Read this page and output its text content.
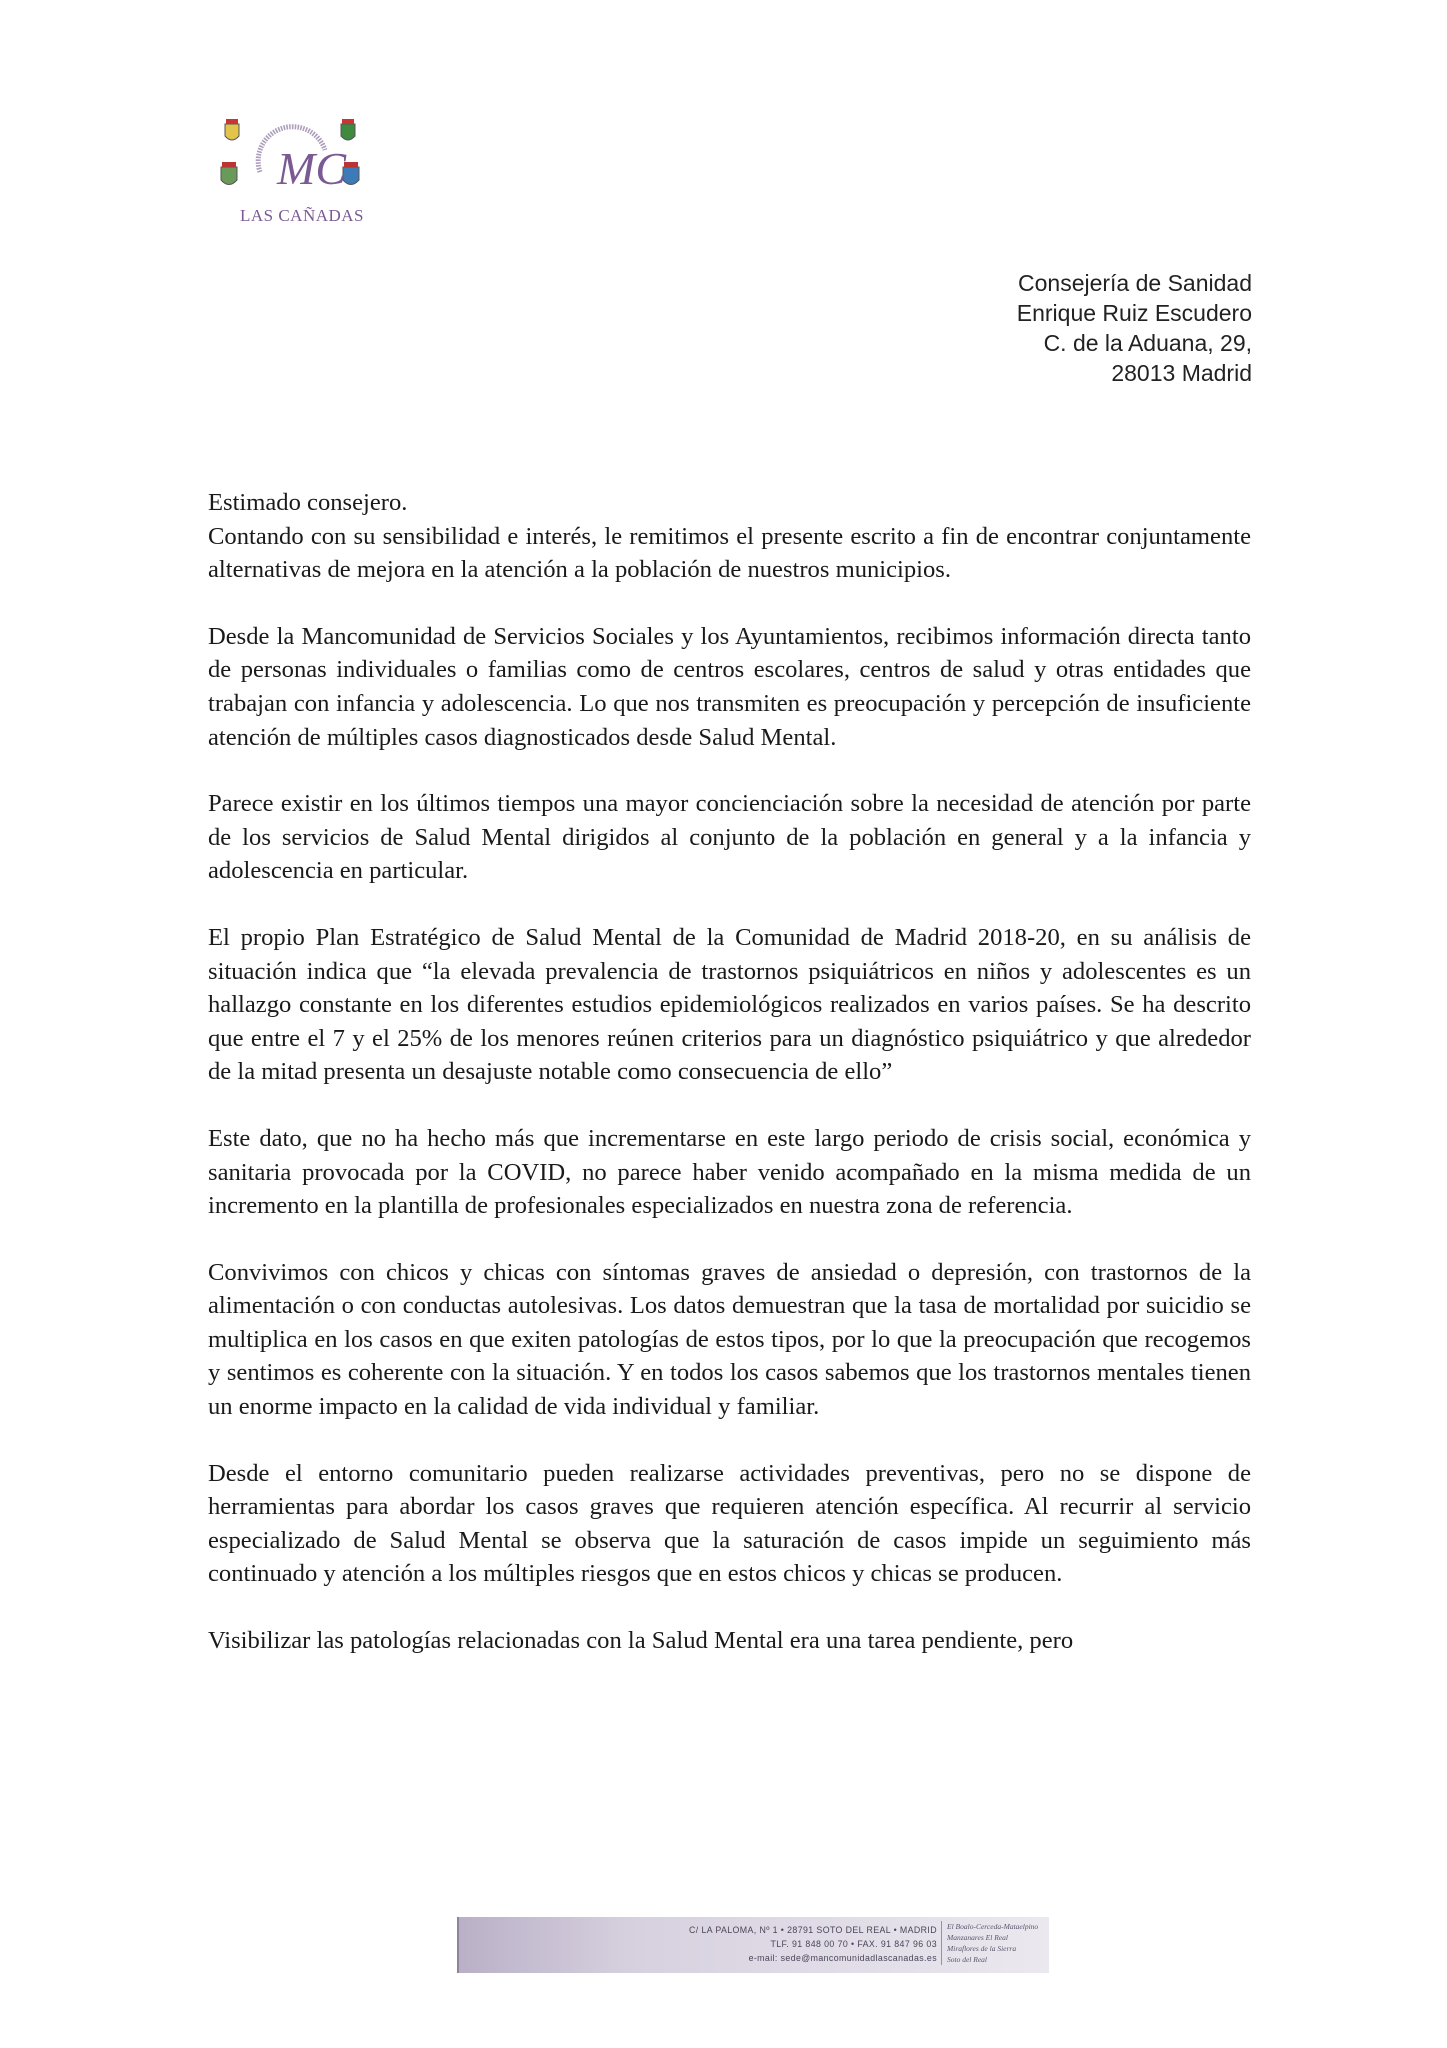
MC
LAS CAÑADAS
Consejería de Sanidad
Enrique Ruiz Escudero
C. de la Aduana, 29,
28013 Madrid

Estimado consejero.

Contando con su sensibilidad e interés, le remitimos el presente escrito a fin de encontrar conjuntamente alternativas de mejora en la atención a la población de nuestros municipios.

Desde la Mancomunidad de Servicios Sociales y los Ayuntamientos, recibimos información directa tanto de personas individuales o familias como de centros escolares, centros de salud y otras entidades que trabajan con infancia y adolescencia. Lo que nos transmiten es preocupación y percepción de insuficiente atención de múltiples casos diagnosticados desde Salud Mental.

Parece existir en los últimos tiempos una mayor concienciación sobre la necesidad de atención por parte de los servicios de Salud Mental dirigidos al conjunto de la población en general y a la infancia y adolescencia en particular.

El propio Plan Estratégico de Salud Mental de la Comunidad de Madrid 2018-20, en su análisis de situación indica que “la elevada prevalencia de trastornos psiquiátricos en niños y adolescentes es un hallazgo constante en los diferentes estudios epidemiológicos realizados en varios países. Se ha descrito que entre el 7 y el 25% de los menores reúnen criterios para un diagnóstico psiquiátrico y que alrededor de la mitad presenta un desajuste notable como consecuencia de ello”

Este dato, que no ha hecho más que incrementarse en este largo periodo de crisis social, económica y sanitaria provocada por la COVID, no parece haber venido acompañado en la misma medida de un incremento en la plantilla de profesionales especializados en nuestra zona de referencia.

Convivimos con chicos y chicas con síntomas graves de ansiedad o depresión, con trastornos de la alimentación o con conductas autolesivas. Los datos demuestran que la tasa de mortalidad por suicidio se multiplica en los casos en que exiten patologías de estos tipos, por lo que la preocupación que recogemos y sentimos es coherente con la situación. Y en todos los casos sabemos que los trastornos mentales tienen un enorme impacto en la calidad de vida individual y familiar.

Desde el entorno comunitario pueden realizarse actividades preventivas, pero no se dispone de herramientas para abordar los casos graves que requieren atención específica. Al recurrir al servicio especializado de Salud Mental se observa que la saturación de casos impide un seguimiento más continuado y atención a los múltiples riesgos que en estos chicos y chicas se producen.

Visibilizar las patologías relacionadas con la Salud Mental era una tarea pendiente, pero

C/ LA PALOMA, Nº 1 • 28791 SOTO DEL REAL • MADRID
TLF. 91 848 00 70 • FAX. 91 847 96 03
e-mail: sede@mancomunidadlascanadas.es
El Boalo-Cerceda-Mataelpino
Manzanares El Real
Miraflores de la Sierra
Soto del Real
